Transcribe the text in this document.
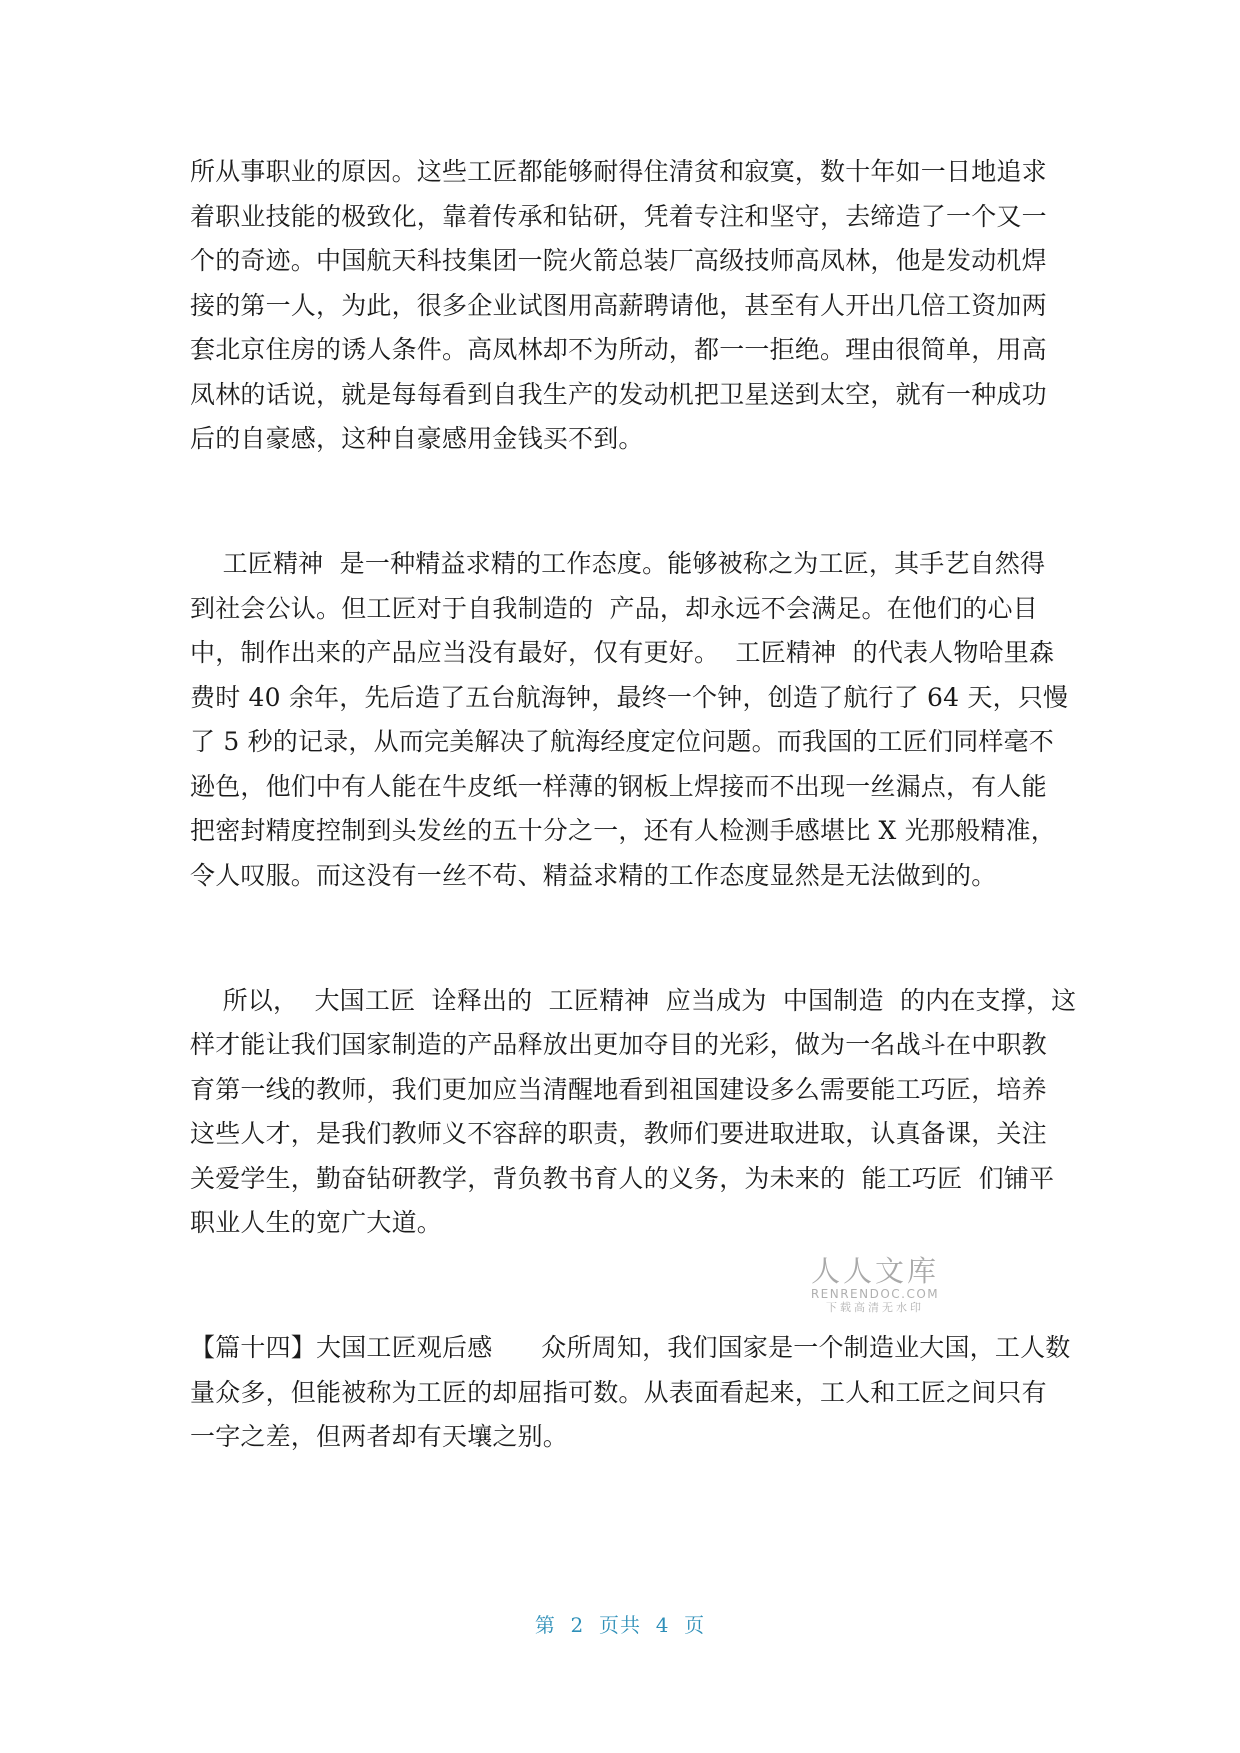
所从事职业的原因。这些工匠都能够耐得住清贫和寂寞，数十年如一日地追求

着职业技能的极致化，靠着传承和钻研，凭着专注和坚守，去缔造了一个又一

个的奇迹。中国航天科技集团一院火箭总装厂高级技师高凤林，他是发动机焊

接的第一人，为此，很多企业试图用高薪聘请他，甚至有人开出几倍工资加两

套北京住房的诱人条件。高凤林却不为所动，都一一拒绝。理由很简单，用高

凤林的话说，就是每每看到自我生产的发动机把卫星送到太空，就有一种成功

后的自豪感，这种自豪感用金钱买不到。

工匠精神  是一种精益求精的工作态度。能够被称之为工匠，其手艺自然得

到社会公认。但工匠对于自我制造的  产品，却永远不会满足。在他们的心目

中，制作出来的产品应当没有最好，仅有更好。  工匠精神  的代表人物哈里森

费时 40 余年，先后造了五台航海钟，最终一个钟，创造了航行了 64 天，只慢

了 5 秒的记录，从而完美解决了航海经度定位问题。而我国的工匠们同样毫不

逊色，他们中有人能在牛皮纸一样薄的钢板上焊接而不出现一丝漏点，有人能

把密封精度控制到头发丝的五十分之一，还有人检测手感堪比 X 光那般精准，

令人叹服。而这没有一丝不苟、精益求精的工作态度显然是无法做到的。

所以，  大国工匠  诠释出的  工匠精神  应当成为  中国制造  的内在支撑，这

样才能让我们国家制造的产品释放出更加夺目的光彩，做为一名战斗在中职教

育第一线的教师，我们更加应当清醒地看到祖国建设多么需要能工巧匠，培养

这些人才，是我们教师义不容辞的职责，教师们要进取进取，认真备课，关注

关爱学生，勤奋钻研教学，背负教书育人的义务，为未来的  能工巧匠  们铺平

职业人生的宽广大道。

人人文库
RENRENDOC.COM
下载高清无水印

【篇十四】大国工匠观后感      众所周知，我们国家是一个制造业大国，工人数

量众多，但能被称为工匠的却屈指可数。从表面看起来，工人和工匠之间只有

一字之差，但两者却有天壤之别。

第  2  页共  4  页
